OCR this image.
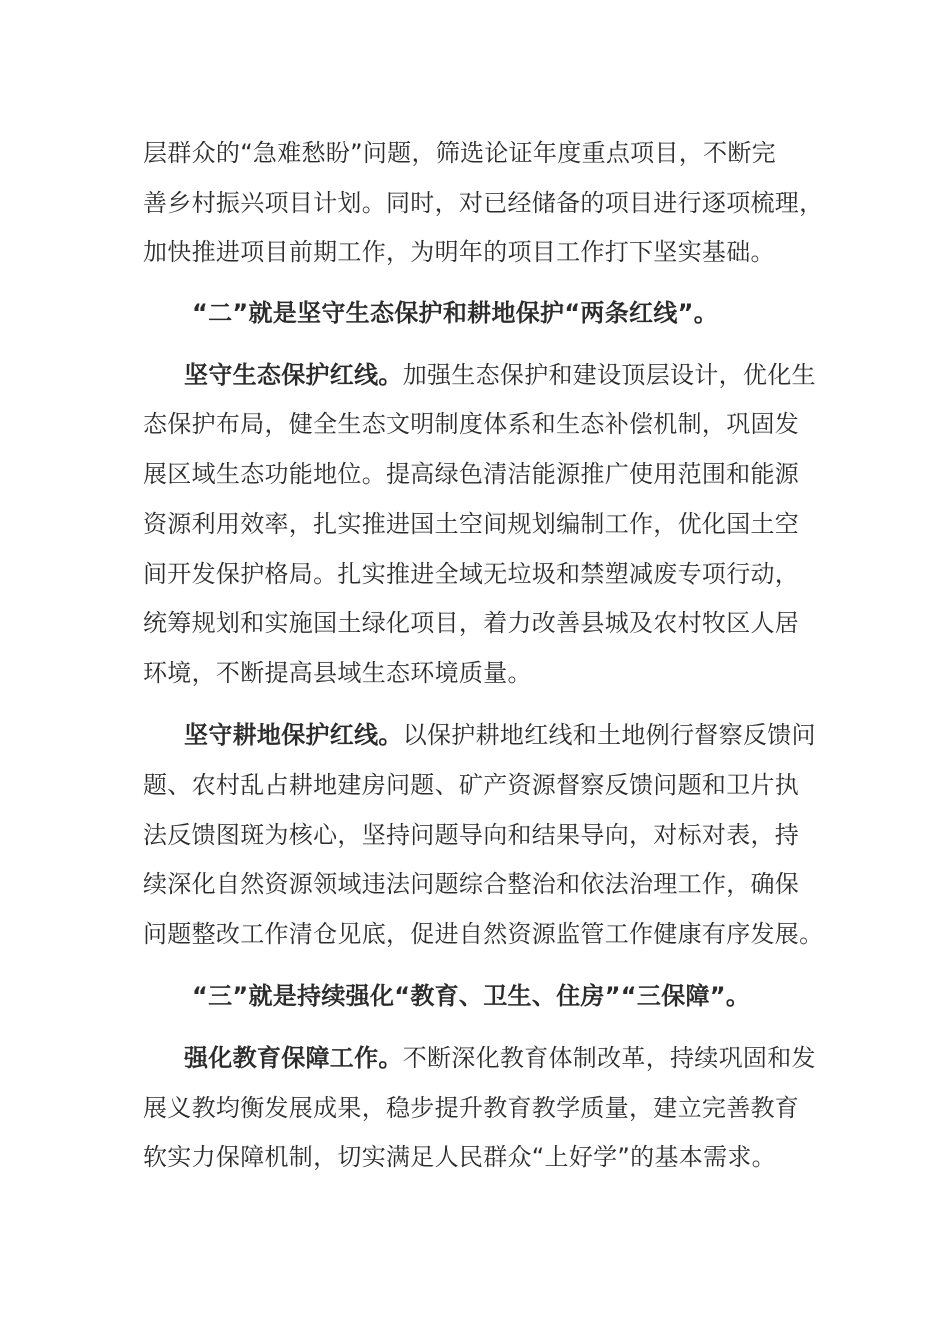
层群众的“急难愁盼”问题，筛选论证年度重点项目，不断完
善乡村振兴项目计划。同时，对已经储备的项目进行逐项梳理，
加快推进项目前期工作，为明年的项目工作打下坚实基础。
“二”就是坚守生态保护和耕地保护“两条红线”。
坚守生态保护红线。加强生态保护和建设顶层设计，优化生
态保护布局，健全生态文明制度体系和生态补偿机制，巩固发
展区域生态功能地位。提高绿色清洁能源推广使用范围和能源
资源利用效率，扎实推进国土空间规划编制工作，优化国土空
间开发保护格局。扎实推进全域无垃圾和禁塑减废专项行动，
统筹规划和实施国土绿化项目，着力改善县城及农村牧区人居
环境，不断提高县域生态环境质量。
坚守耕地保护红线。以保护耕地红线和土地例行督察反馈问
题、农村乱占耕地建房问题、矿产资源督察反馈问题和卫片执
法反馈图斑为核心，坚持问题导向和结果导向，对标对表，持
续深化自然资源领域违法问题综合整治和依法治理工作，确保
问题整改工作清仓见底，促进自然资源监管工作健康有序发展。
“三”就是持续强化“教育、卫生、住房”“三保障”。
强化教育保障工作。不断深化教育体制改革，持续巩固和发
展义教均衡发展成果，稳步提升教育教学质量，建立完善教育
软实力保障机制，切实满足人民群众“上好学”的基本需求。
